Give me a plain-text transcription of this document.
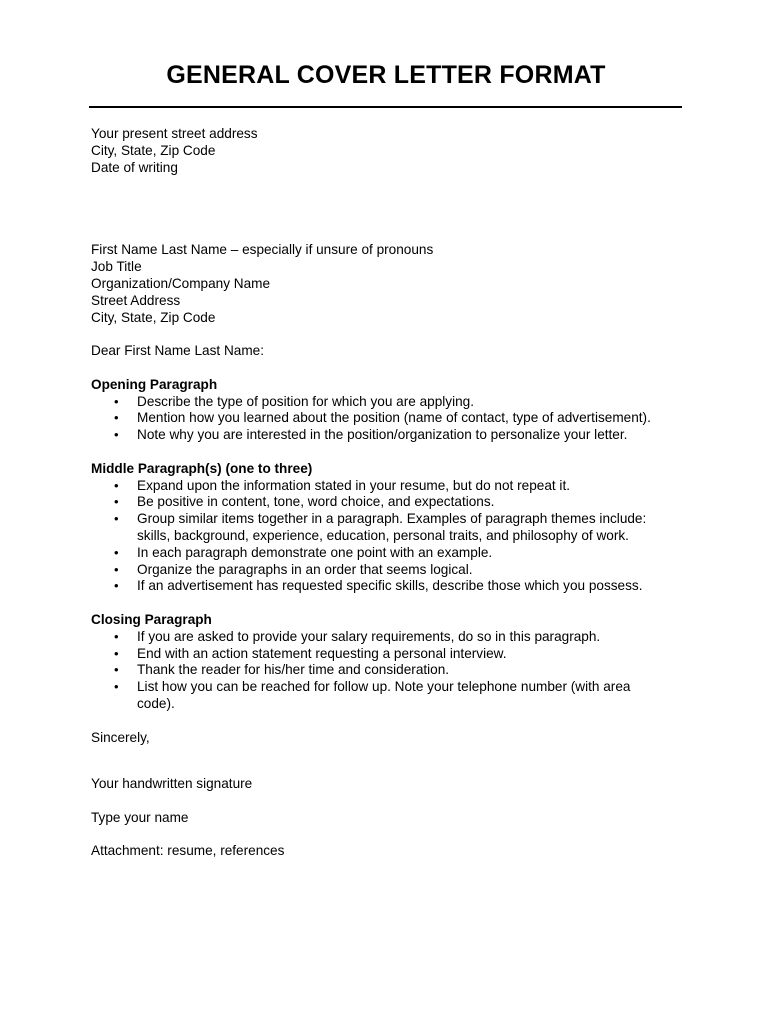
GENERAL COVER LETTER FORMAT
Your present street address
City, State, Zip Code
Date of writing
First Name Last Name – especially if unsure of pronouns
Job Title
Organization/Company Name
Street Address
City, State, Zip Code
Dear First Name Last Name:
Opening Paragraph
• Describe the type of position for which you are applying.
• Mention how you learned about the position (name of contact, type of advertisement).
• Note why you are interested in the position/organization to personalize your letter.
Middle Paragraph(s) (one to three)
• Expand upon the information stated in your resume, but do not repeat it.
• Be positive in content, tone, word choice, and expectations.
• Group similar items together in a paragraph. Examples of paragraph themes include: skills, background, experience, education, personal traits, and philosophy of work.
• In each paragraph demonstrate one point with an example.
• Organize the paragraphs in an order that seems logical.
• If an advertisement has requested specific skills, describe those which you possess.
Closing Paragraph
• If you are asked to provide your salary requirements, do so in this paragraph.
• End with an action statement requesting a personal interview.
• Thank the reader for his/her time and consideration.
• List how you can be reached for follow up. Note your telephone number (with area code).
Sincerely,
Your handwritten signature
Type your name
Attachment: resume, references
